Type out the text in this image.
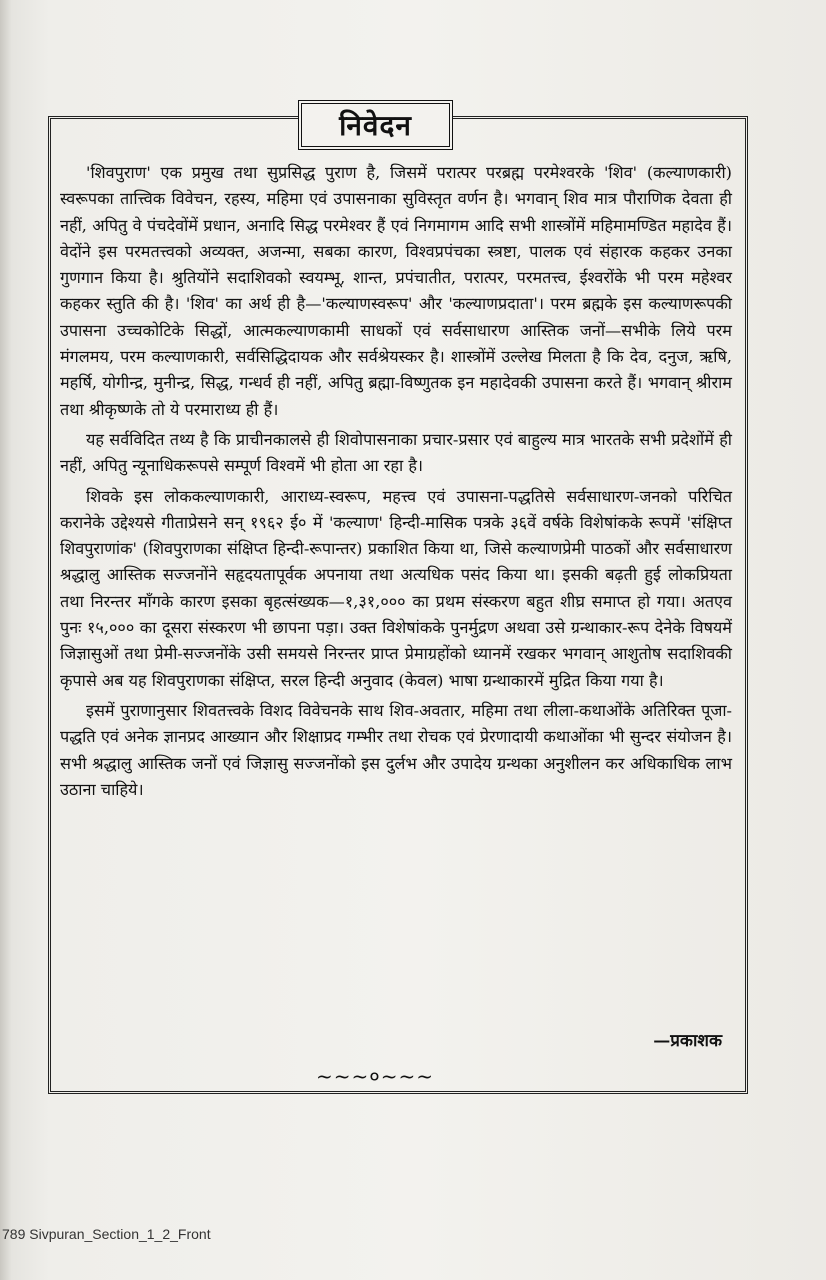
निवेदन

'शिवपुराण' एक प्रमुख तथा सुप्रसिद्ध पुराण है, जिसमें परात्पर परब्रह्म परमेश्वरके 'शिव' (कल्याणकारी) स्वरूपका तात्त्विक विवेचन, रहस्य, महिमा एवं उपासनाका सुविस्तृत वर्णन है। भगवान् शिव मात्र पौराणिक देवता ही नहीं, अपितु वे पंचदेवोंमें प्रधान, अनादि सिद्ध परमेश्वर हैं एवं निगमागम आदि सभी शास्त्रोंमें महिमामण्डित महादेव हैं। वेदोंने इस परमतत्त्वको अव्यक्त, अजन्मा, सबका कारण, विश्वप्रपंचका स्त्रष्टा, पालक एवं संहारक कहकर उनका गुणगान किया है। श्रुतियोंने सदाशिवको स्वयम्भू, शान्त, प्रपंचातीत, परात्पर, परमतत्त्व, ईश्वरोंके भी परम महेश्वर कहकर स्तुति की है। 'शिव' का अर्थ ही है—'कल्याणस्वरूप' और 'कल्याणप्रदाता'। परम ब्रह्मके इस कल्याणरूपकी उपासना उच्चकोटिके सिद्धों, आत्मकल्याणकामी साधकों एवं सर्वसाधारण आस्तिक जनों—सभीके लिये परम मंगलमय, परम कल्याणकारी, सर्वसिद्धिदायक और सर्वश्रेयस्कर है। शास्त्रोंमें उल्लेख मिलता है कि देव, दनुज, ऋषि, महर्षि, योगीन्द्र, मुनीन्द्र, सिद्ध, गन्धर्व ही नहीं, अपितु ब्रह्मा-विष्णुतक इन महादेवकी उपासना करते हैं। भगवान् श्रीराम तथा श्रीकृष्णके तो ये परमाराध्य ही हैं।

यह सर्वविदित तथ्य है कि प्राचीनकालसे ही शिवोपासनाका प्रचार-प्रसार एवं बाहुल्य मात्र भारतके सभी प्रदेशोंमें ही नहीं, अपितु न्यूनाधिकरूपसे सम्पूर्ण विश्वमें भी होता आ रहा है।

शिवके इस लोककल्याणकारी, आराध्य-स्वरूप, महत्त्व एवं उपासना-पद्धतिसे सर्वसाधारण-जनको परिचित करानेके उद्देश्यसे गीताप्रेसने सन् १९६२ ई० में 'कल्याण' हिन्दी-मासिक पत्रके ३६वें वर्षके विशेषांकके रूपमें 'संक्षिप्त शिवपुराणांक' (शिवपुराणका संक्षिप्त हिन्दी-रूपान्तर) प्रकाशित किया था, जिसे कल्याणप्रेमी पाठकों और सर्वसाधारण श्रद्धालु आस्तिक सज्जनोंने सहृदयतापूर्वक अपनाया तथा अत्यधिक पसंद किया था। इसकी बढ़ती हुई लोकप्रियता तथा निरन्तर माँगके कारण इसका बृहत्संख्यक—१,३१,००० का प्रथम संस्करण बहुत शीघ्र समाप्त हो गया। अतएव पुनः १५,००० का दूसरा संस्करण भी छापना पड़ा। उक्त विशेषांकके पुनर्मुद्रण अथवा उसे ग्रन्थाकार-रूप देनेके विषयमें जिज्ञासुओं तथा प्रेमी-सज्जनोंके उसी समयसे निरन्तर प्राप्त प्रेमाग्रहोंको ध्यानमें रखकर भगवान् आशुतोष सदाशिवकी कृपासे अब यह शिवपुराणका संक्षिप्त, सरल हिन्दी अनुवाद (केवल) भाषा ग्रन्थाकारमें मुद्रित किया गया है।

इसमें पुराणानुसार शिवतत्त्वके विशद विवेचनके साथ शिव-अवतार, महिमा तथा लीला-कथाओंके अतिरिक्त पूजा-पद्धति एवं अनेक ज्ञानप्रद आख्यान और शिक्षाप्रद गम्भीर तथा रोचक एवं प्रेरणादायी कथाओंका भी सुन्दर संयोजन है। सभी श्रद्धालु आस्तिक जनों एवं जिज्ञासु सज्जनोंको इस दुर्लभ और उपादेय ग्रन्थका अनुशीलन कर अधिकाधिक लाभ उठाना चाहिये।

—प्रकाशक
~~~०~~~
789 Sivpuran_Section_1_2_Front
